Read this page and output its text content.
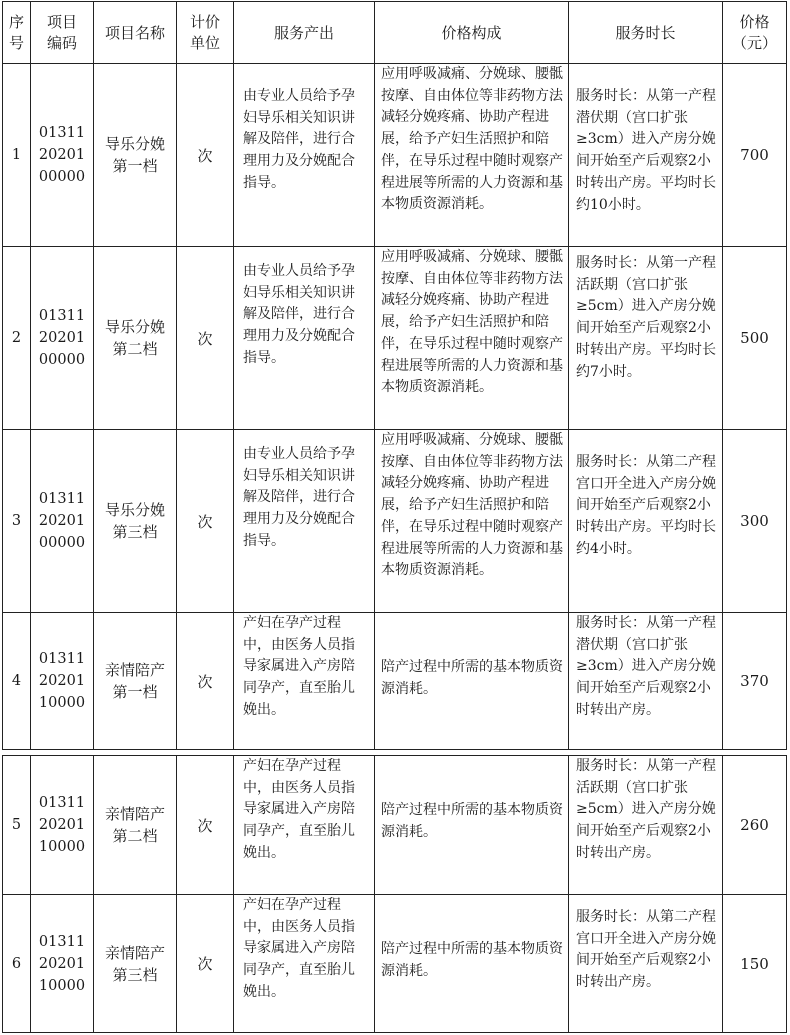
序
号	项目
编码	项目名称	计价
单位	服务产出	价格构成	服务时长	价格
（元）

1	01311
20201
00000	导乐分娩
第一档	次	由专业人员给予孕妇导乐相关知识讲解及陪伴，进行合理用力及分娩配合指导。	应用呼吸减痛、分娩球、腰骶按摩、自由体位等非药物方法减轻分娩疼痛、协助产程进展，给予产妇生活照护和陪伴，在导乐过程中随时观察产程进展等所需的人力资源和基本物质资源消耗。	服务时长：从第一产程潜伏期（宫口扩张≥3cm）进入产房分娩间开始至产后观察2小时转出产房。平均时长约10小时。	700
2	01311
20201
00000	导乐分娩
第二档	次	由专业人员给予孕妇导乐相关知识讲解及陪伴，进行合理用力及分娩配合指导。	应用呼吸减痛、分娩球、腰骶按摩、自由体位等非药物方法减轻分娩疼痛、协助产程进展，给予产妇生活照护和陪伴，在导乐过程中随时观察产程进展等所需的人力资源和基本物质资源消耗。	服务时长：从第一产程活跃期（宫口扩张≥5cm）进入产房分娩间开始至产后观察2小时转出产房。平均时长约7小时。	500
3	01311
20201
00000	导乐分娩
第三档	次	由专业人员给予孕妇导乐相关知识讲解及陪伴，进行合理用力及分娩配合指导。	应用呼吸减痛、分娩球、腰骶按摩、自由体位等非药物方法减轻分娩疼痛、协助产程进展，给予产妇生活照护和陪伴，在导乐过程中随时观察产程进展等所需的人力资源和基本物质资源消耗。	服务时长：从第二产程宫口开全进入产房分娩间开始至产后观察2小时转出产房。平均时长约4小时。	300
4	01311
20201
10000	亲情陪产
第一档	次	产妇在孕产过程中，由医务人员指导家属进入产房陪同孕产，直至胎儿娩出。	陪产过程中所需的基本物质资源消耗。	服务时长：从第一产程潜伏期（宫口扩张≥3cm）进入产房分娩间开始至产后观察2小时转出产房。	370
5	01311
20201
10000	亲情陪产
第二档	次	产妇在孕产过程中，由医务人员指导家属进入产房陪同孕产，直至胎儿娩出。	陪产过程中所需的基本物质资源消耗。	服务时长：从第一产程活跃期（宫口扩张≥5cm）进入产房分娩间开始至产后观察2小时转出产房。	260
6	01311
20201
10000	亲情陪产
第三档	次	产妇在孕产过程中，由医务人员指导家属进入产房陪同孕产，直至胎儿娩出。	陪产过程中所需的基本物质资源消耗。	服务时长：从第二产程宫口开全进入产房分娩间开始至产后观察2小时转出产房。	150
